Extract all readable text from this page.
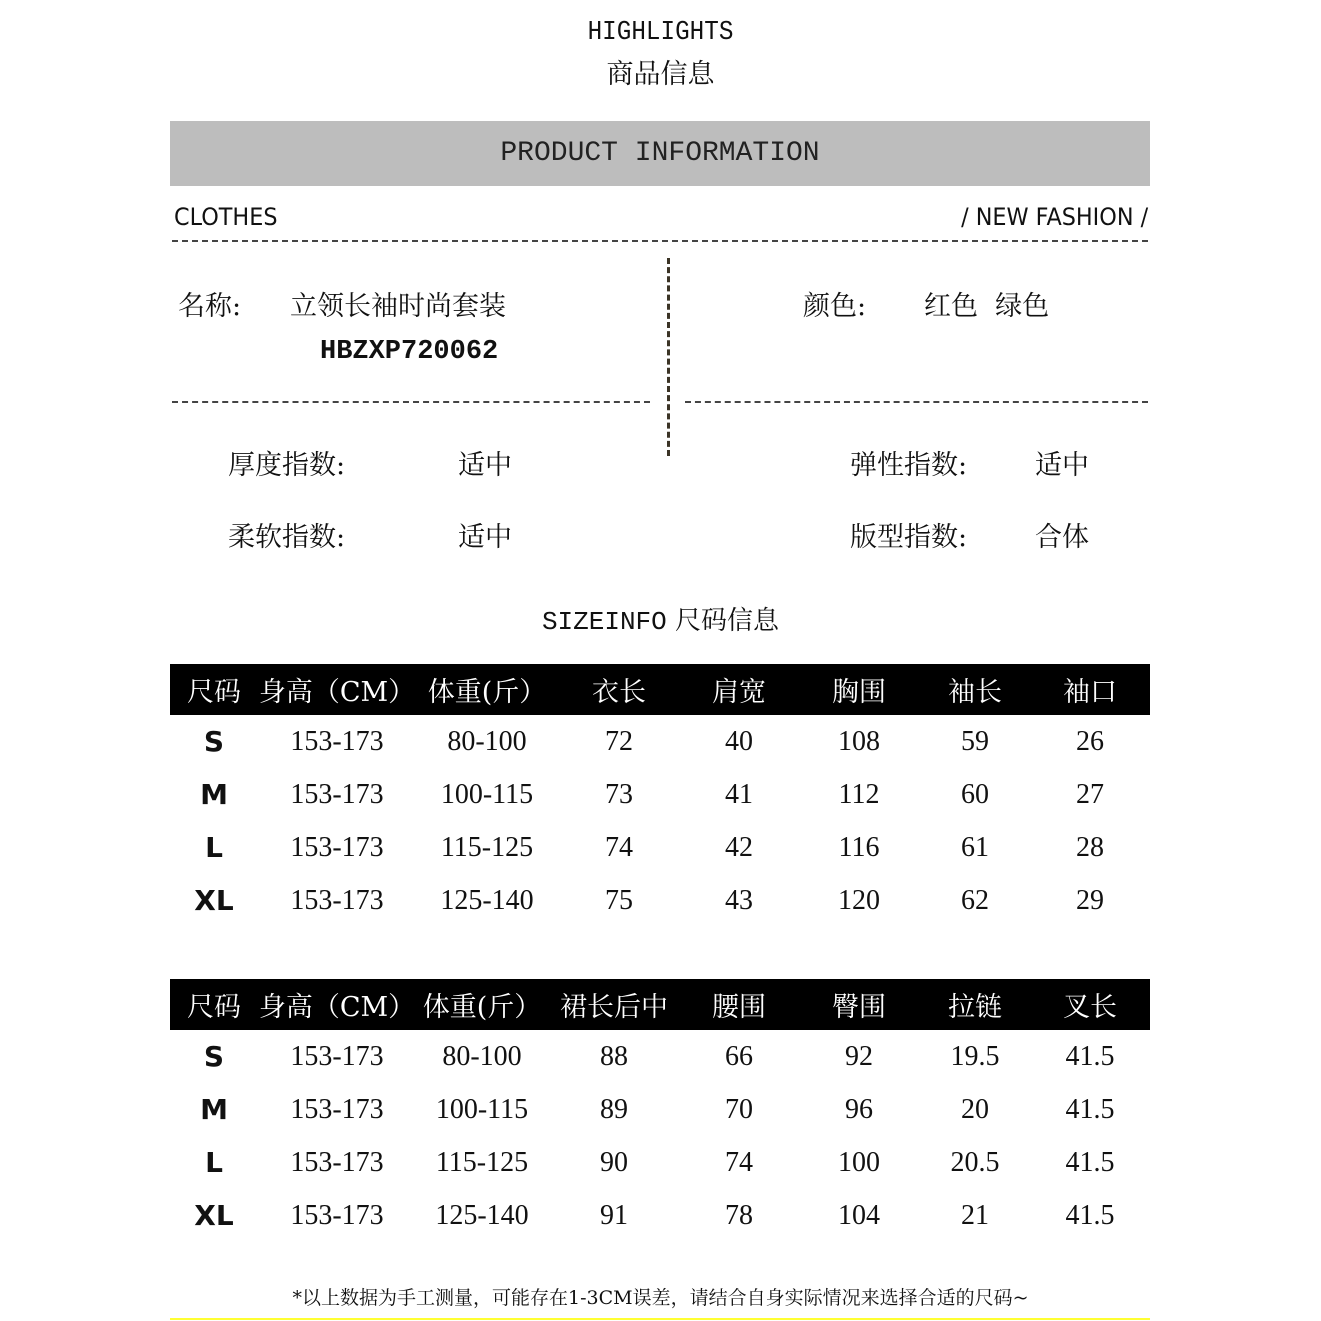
HIGHLIGHTS
商品信息
PRODUCT INFORMATION
CLOTHES	/ NEW FASHION /
名称: 立领长袖时尚套装
HBZXP720062
颜色: 红色  绿色
厚度指数:	适中	弹性指数:	适中
柔软指数:	适中	版型指数:	合体
SIZEINFO 尺码信息
尺码	身高（CM）	体重(斤）	衣长	肩宽	胸围	袖长	袖口
S	153-173	80-100	72	40	108	59	26
M	153-173	100-115	73	41	112	60	27
L	153-173	115-125	74	42	116	61	28
XL	153-173	125-140	75	43	120	62	29
尺码	身高（CM）	体重(斤）	裙长后中	腰围	臀围	拉链	叉长
S	153-173	80-100	88	66	92	19.5	41.5
M	153-173	100-115	89	70	96	20	41.5
L	153-173	115-125	90	74	100	20.5	41.5
XL	153-173	125-140	91	78	104	21	41.5
*以上数据为手工测量，可能存在1-3CM误差，请结合自身实际情况来选择合适的尺码~
